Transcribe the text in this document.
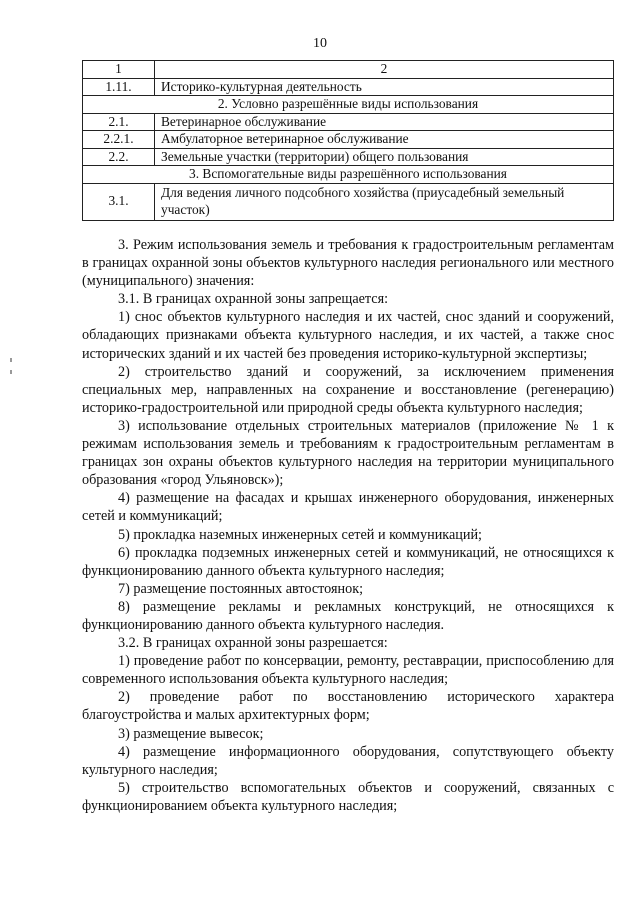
10
1	2
1.11.	Историко-культурная деятельность
2. Условно разрешённые виды использования	
2.1.	Ветеринарное обслуживание
2.2.1.	Амбулаторное ветеринарное обслуживание
2.2.	Земельные участки (территории) общего пользования
3. Вспомогательные виды разрешённого использования	
3.1.	Для ведения личного подсобного хозяйства (приусадебный земельный участок)

3. Режим использования земель и требования к градостроительным регламентам в границах охранной зоны объектов культурного наследия регионального или местного (муниципального) значения:

3.1. В границах охранной зоны запрещается:

1) снос объектов культурного наследия и их частей, снос зданий и сооружений, обладающих признаками объекта культурного наследия, и их частей, а также снос исторических зданий и их частей без проведения историко-культурной экспертизы;

2) строительство зданий и сооружений, за исключением применения специальных мер, направленных на сохранение и восстановление (регенерацию) историко-градостроительной или природной среды объекта культурного наследия;

3) использование отдельных строительных материалов (приложение № 1 к режимам использования земель и требованиям к градостроительным регламентам в границах зон охраны объектов культурного наследия на территории муниципального образования «город Ульяновск»);

4) размещение на фасадах и крышах инженерного оборудования, инженерных сетей и коммуникаций;

5) прокладка наземных инженерных сетей и коммуникаций;

6) прокладка подземных инженерных сетей и коммуникаций, не относящихся к функционированию данного объекта культурного наследия;

7) размещение постоянных автостоянок;

8) размещение рекламы и рекламных конструкций, не относящихся к функционированию данного объекта культурного наследия.

3.2. В границах охранной зоны разрешается:

1) проведение работ по консервации, ремонту, реставрации, приспособлению для современного использования объекта культурного наследия;

2) проведение работ по восстановлению исторического характера благоустройства и малых архитектурных форм;

3) размещение вывесок;

4) размещение информационного оборудования, сопутствующего объекту культурного наследия;

5) строительство вспомогательных объектов и сооружений, связанных с функционированием объекта культурного наследия;
